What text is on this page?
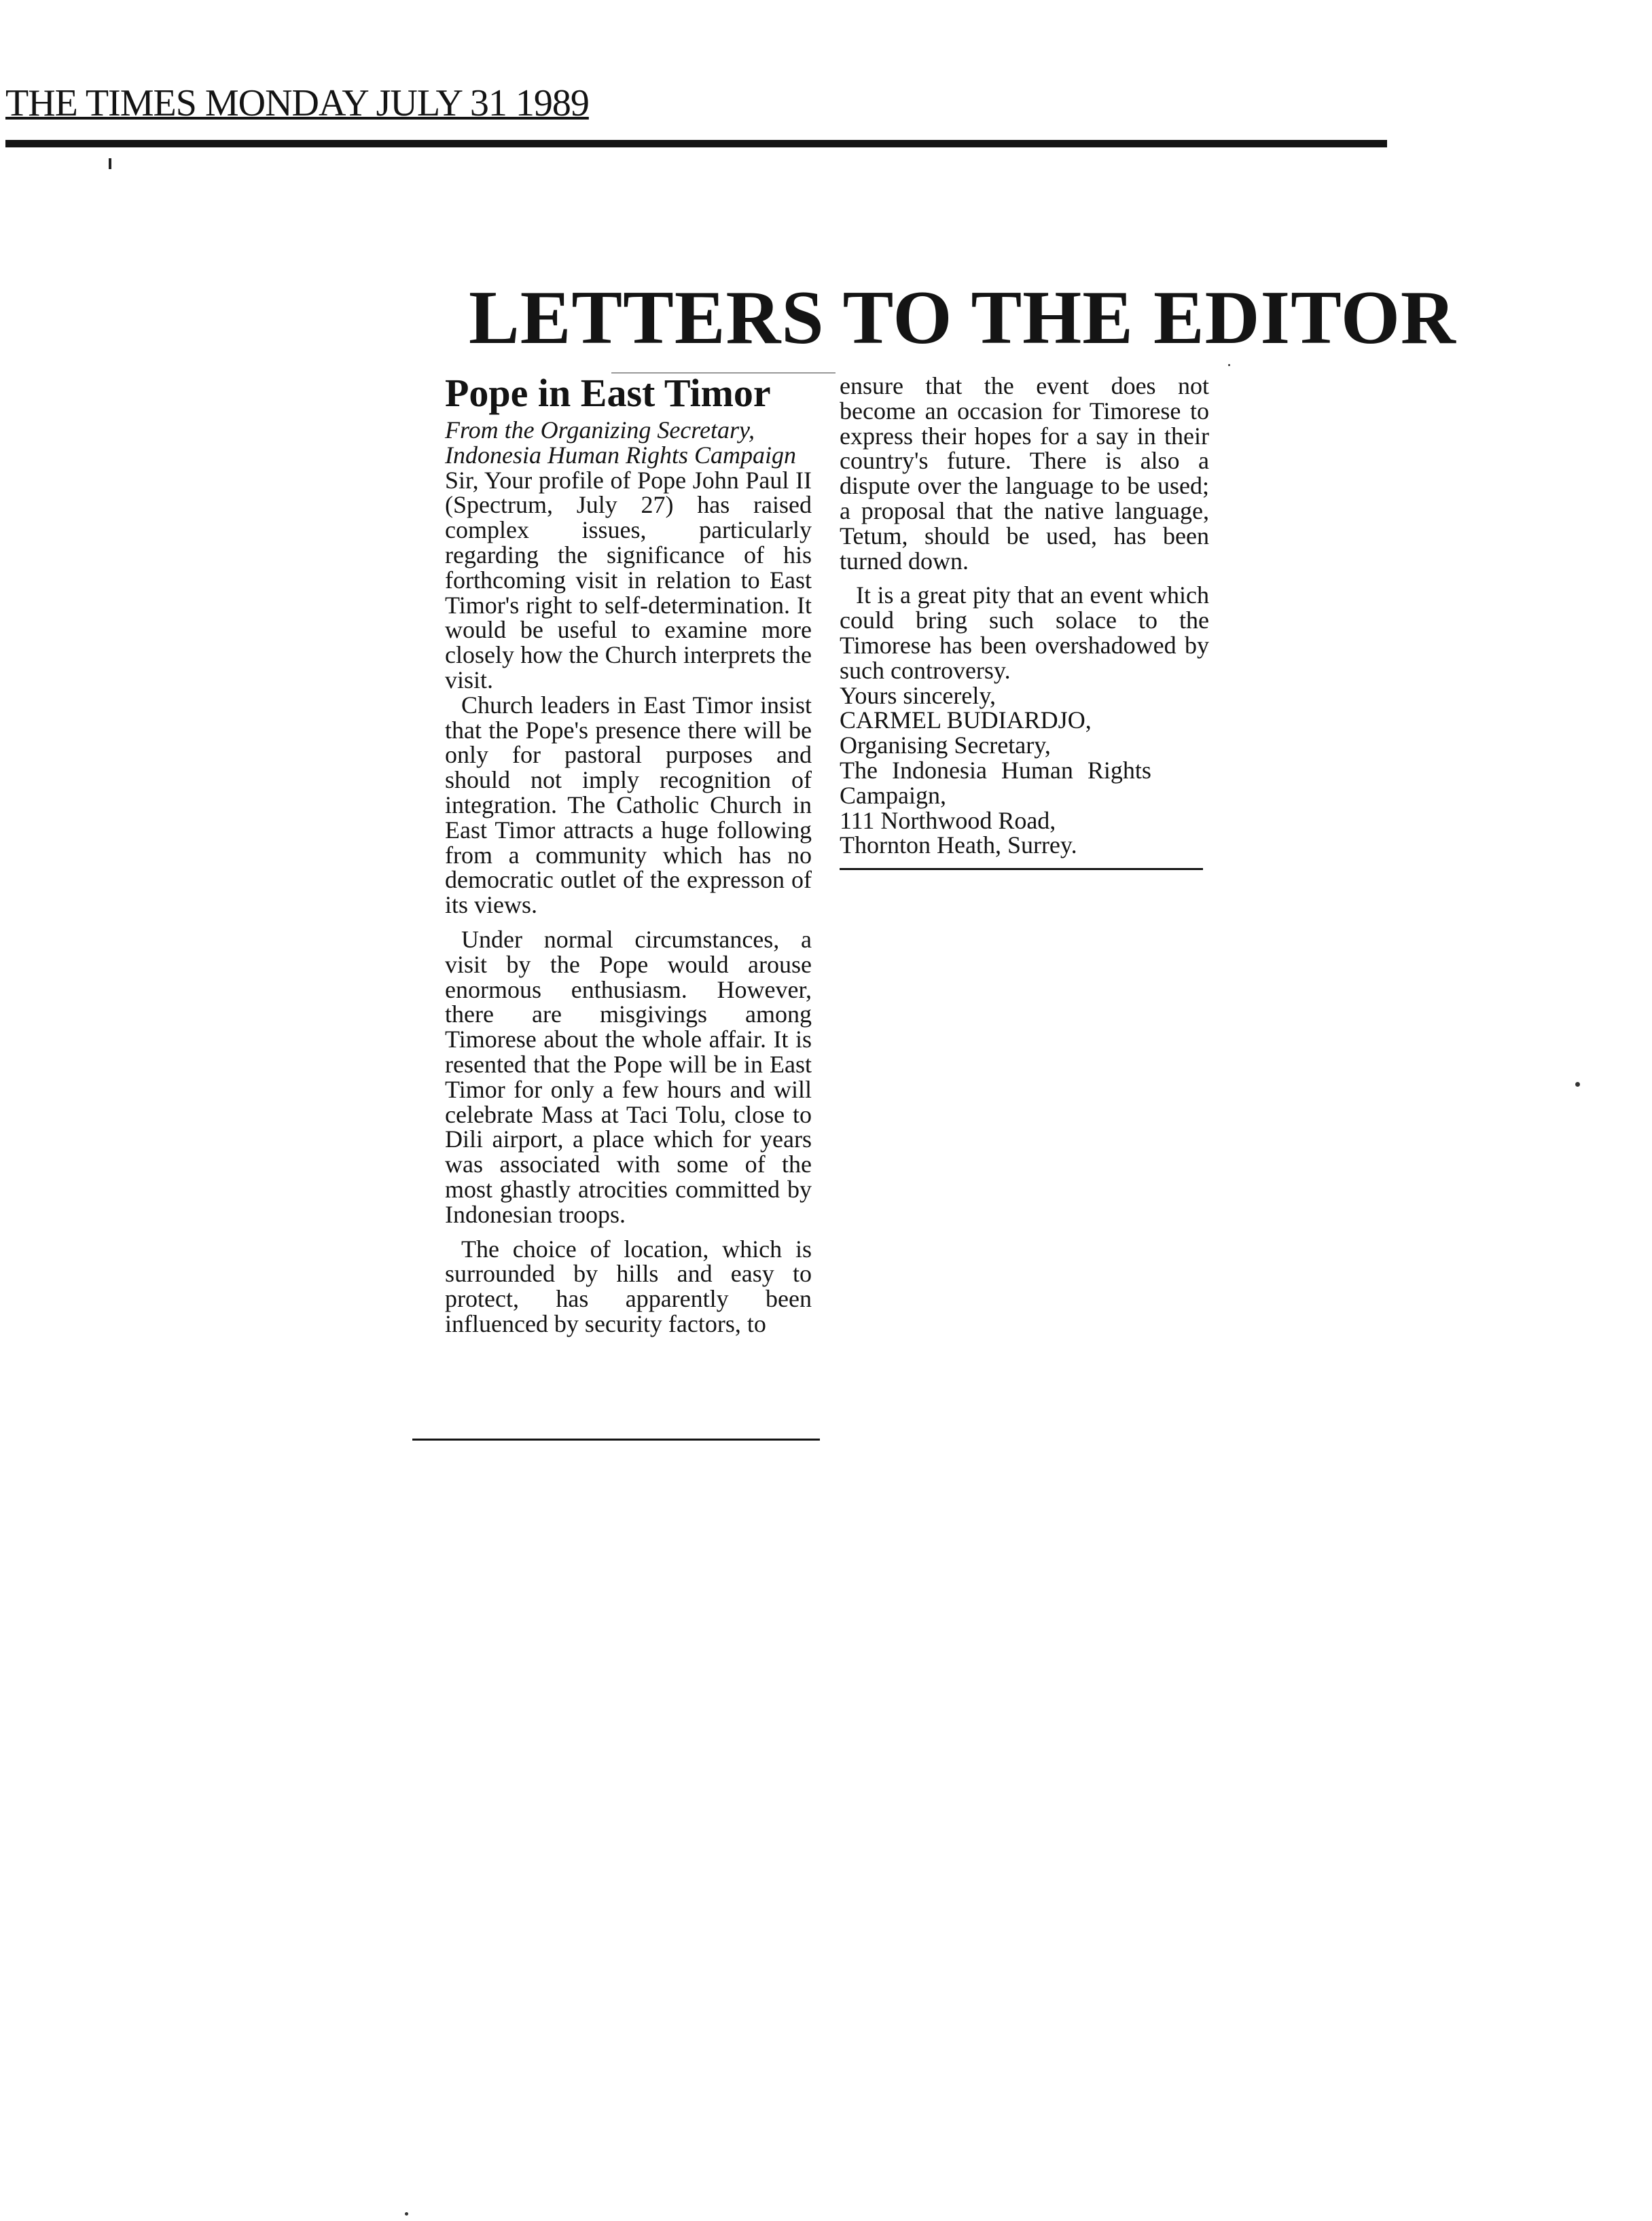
THE TIMES MONDAY JULY 31 1989
LETTERS TO THE EDITOR
Pope in East Timor

From the Organizing Secretary, Indonesia Human Rights Campaign

Sir, Your profile of Pope John Paul II (Spectrum, July 27) has raised complex issues, particularly regarding the significance of his forthcoming visit in relation to East Timor's right to self-determination. It would be useful to examine more closely how the Church interprets the visit.

Church leaders in East Timor insist that the Pope's presence there will be only for pastoral purposes and should not imply recognition of integration. The Catholic Church in East Timor attracts a huge following from a community which has no democratic outlet of the expresson of its views.

Under normal circumstances, a visit by the Pope would arouse enormous enthusiasm. However, there are misgivings among Timorese about the whole affair. It is resented that the Pope will be in East Timor for only a few hours and will celebrate Mass at Taci Tolu, close to Dili airport, a place which for years was associated with some of the most ghastly atrocities committed by Indonesian troops.

The choice of location, which is surrounded by hills and easy to protect, has apparently been influenced by security factors, to

ensure that the event does not become an occasion for Timorese to express their hopes for a say in their country's future. There is also a dispute over the language to be used; a proposal that the native language, Tetum, should be used, has been turned down.

It is a great pity that an event which could bring such solace to the Timorese has been overshadowed by such controversy.

Yours sincerely,
CARMEL BUDIARDJO,
Organising Secretary,
The Indonesia Human Rights
Campaign,
111 Northwood Road,
Thornton Heath, Surrey.
